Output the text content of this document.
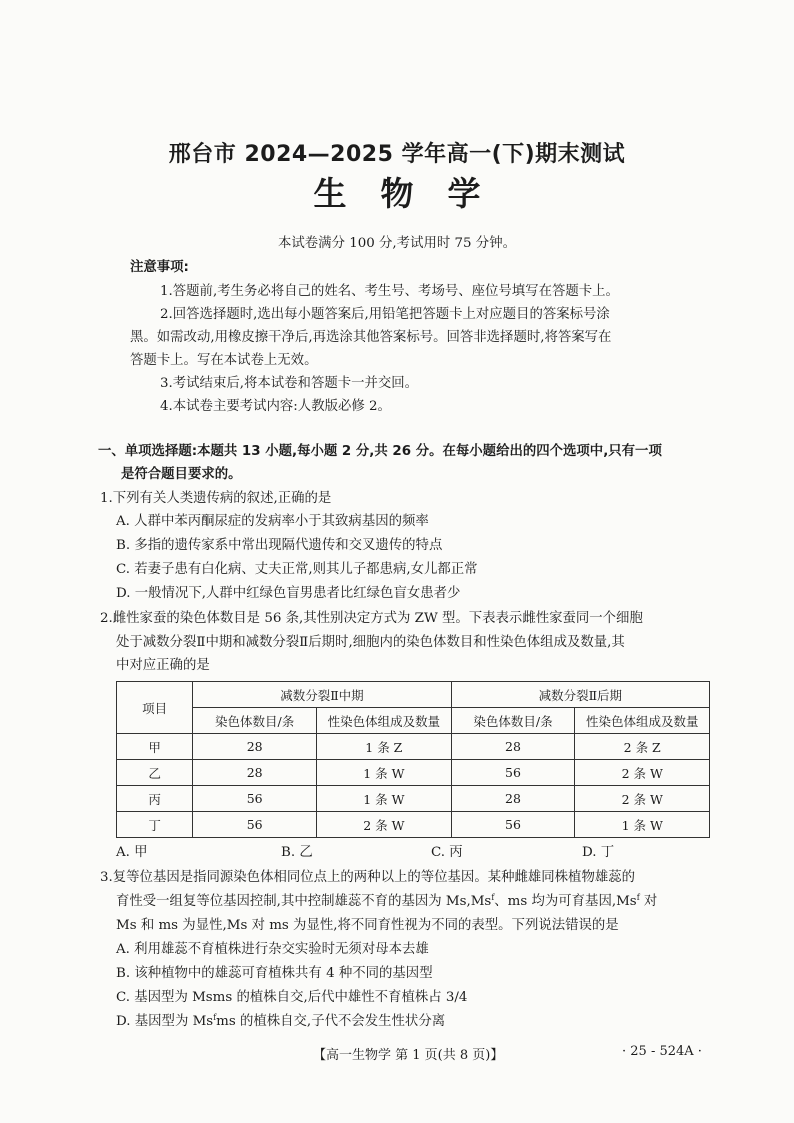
邢台市 2024—2025 学年高一(下)期末测试
生物学
本试卷满分 100 分,考试用时 75 分钟。
注意事项:
1.答题前,考生务必将自己的姓名、考生号、考场号、座位号填写在答题卡上。
2.回答选择题时,选出每小题答案后,用铅笔把答题卡上对应题目的答案标号涂
黑。如需改动,用橡皮擦干净后,再选涂其他答案标号。回答非选择题时,将答案写在
答题卡上。写在本试卷上无效。
3.考试结束后,将本试卷和答题卡一并交回。
4.本试卷主要考试内容:人教版必修 2。
一、单项选择题:本题共 13 小题,每小题 2 分,共 26 分。在每小题给出的四个选项中,只有一项
是符合题目要求的。
1.下列有关人类遗传病的叙述,正确的是
A. 人群中苯丙酮尿症的发病率小于其致病基因的频率
B. 多指的遗传家系中常出现隔代遗传和交叉遗传的特点
C. 若妻子患有白化病、丈夫正常,则其儿子都患病,女儿都正常
D. 一般情况下,人群中红绿色盲男患者比红绿色盲女患者少
2.雌性家蚕的染色体数目是 56 条,其性别决定方式为 ZW 型。下表表示雌性家蚕同一个细胞
处于减数分裂Ⅱ中期和减数分裂Ⅱ后期时,细胞内的染色体数目和性染色体组成及数量,其
中对应正确的是
项目	减数分裂Ⅱ中期		减数分裂Ⅱ后期	
	染色体数目/条	性染色体组成及数量	染色体数目/条	性染色体组成及数量
甲	28	1 条 Z	28	2 条 Z
乙	28	1 条 W	56	2 条 W
丙	56	1 条 W	28	2 条 W
丁	56	2 条 W	56	1 条 W
A. 甲	B. 乙	C. 丙	D. 丁
3.复等位基因是指同源染色体相同位点上的两种以上的等位基因。某种雌雄同株植物雄蕊的
育性受一组复等位基因控制,其中控制雄蕊不育的基因为 Ms,Ms$^f$、ms 均为可育基因,Ms$^f$ 对
Ms 和 ms 为显性,Ms 对 ms 为显性,将不同育性视为不同的表型。下列说法错误的是
A. 利用雄蕊不育植株进行杂交实验时无须对母本去雄
B. 该种植物中的雄蕊可育植株共有 4 种不同的基因型
C. 基因型为 Msms 的植株自交,后代中雄性不育植株占 3/4
D. 基因型为 Ms$^f$ms 的植株自交,子代不会发生性状分离
【高一生物学 第 1 页(共 8 页)】	· 25 - 524A ·
